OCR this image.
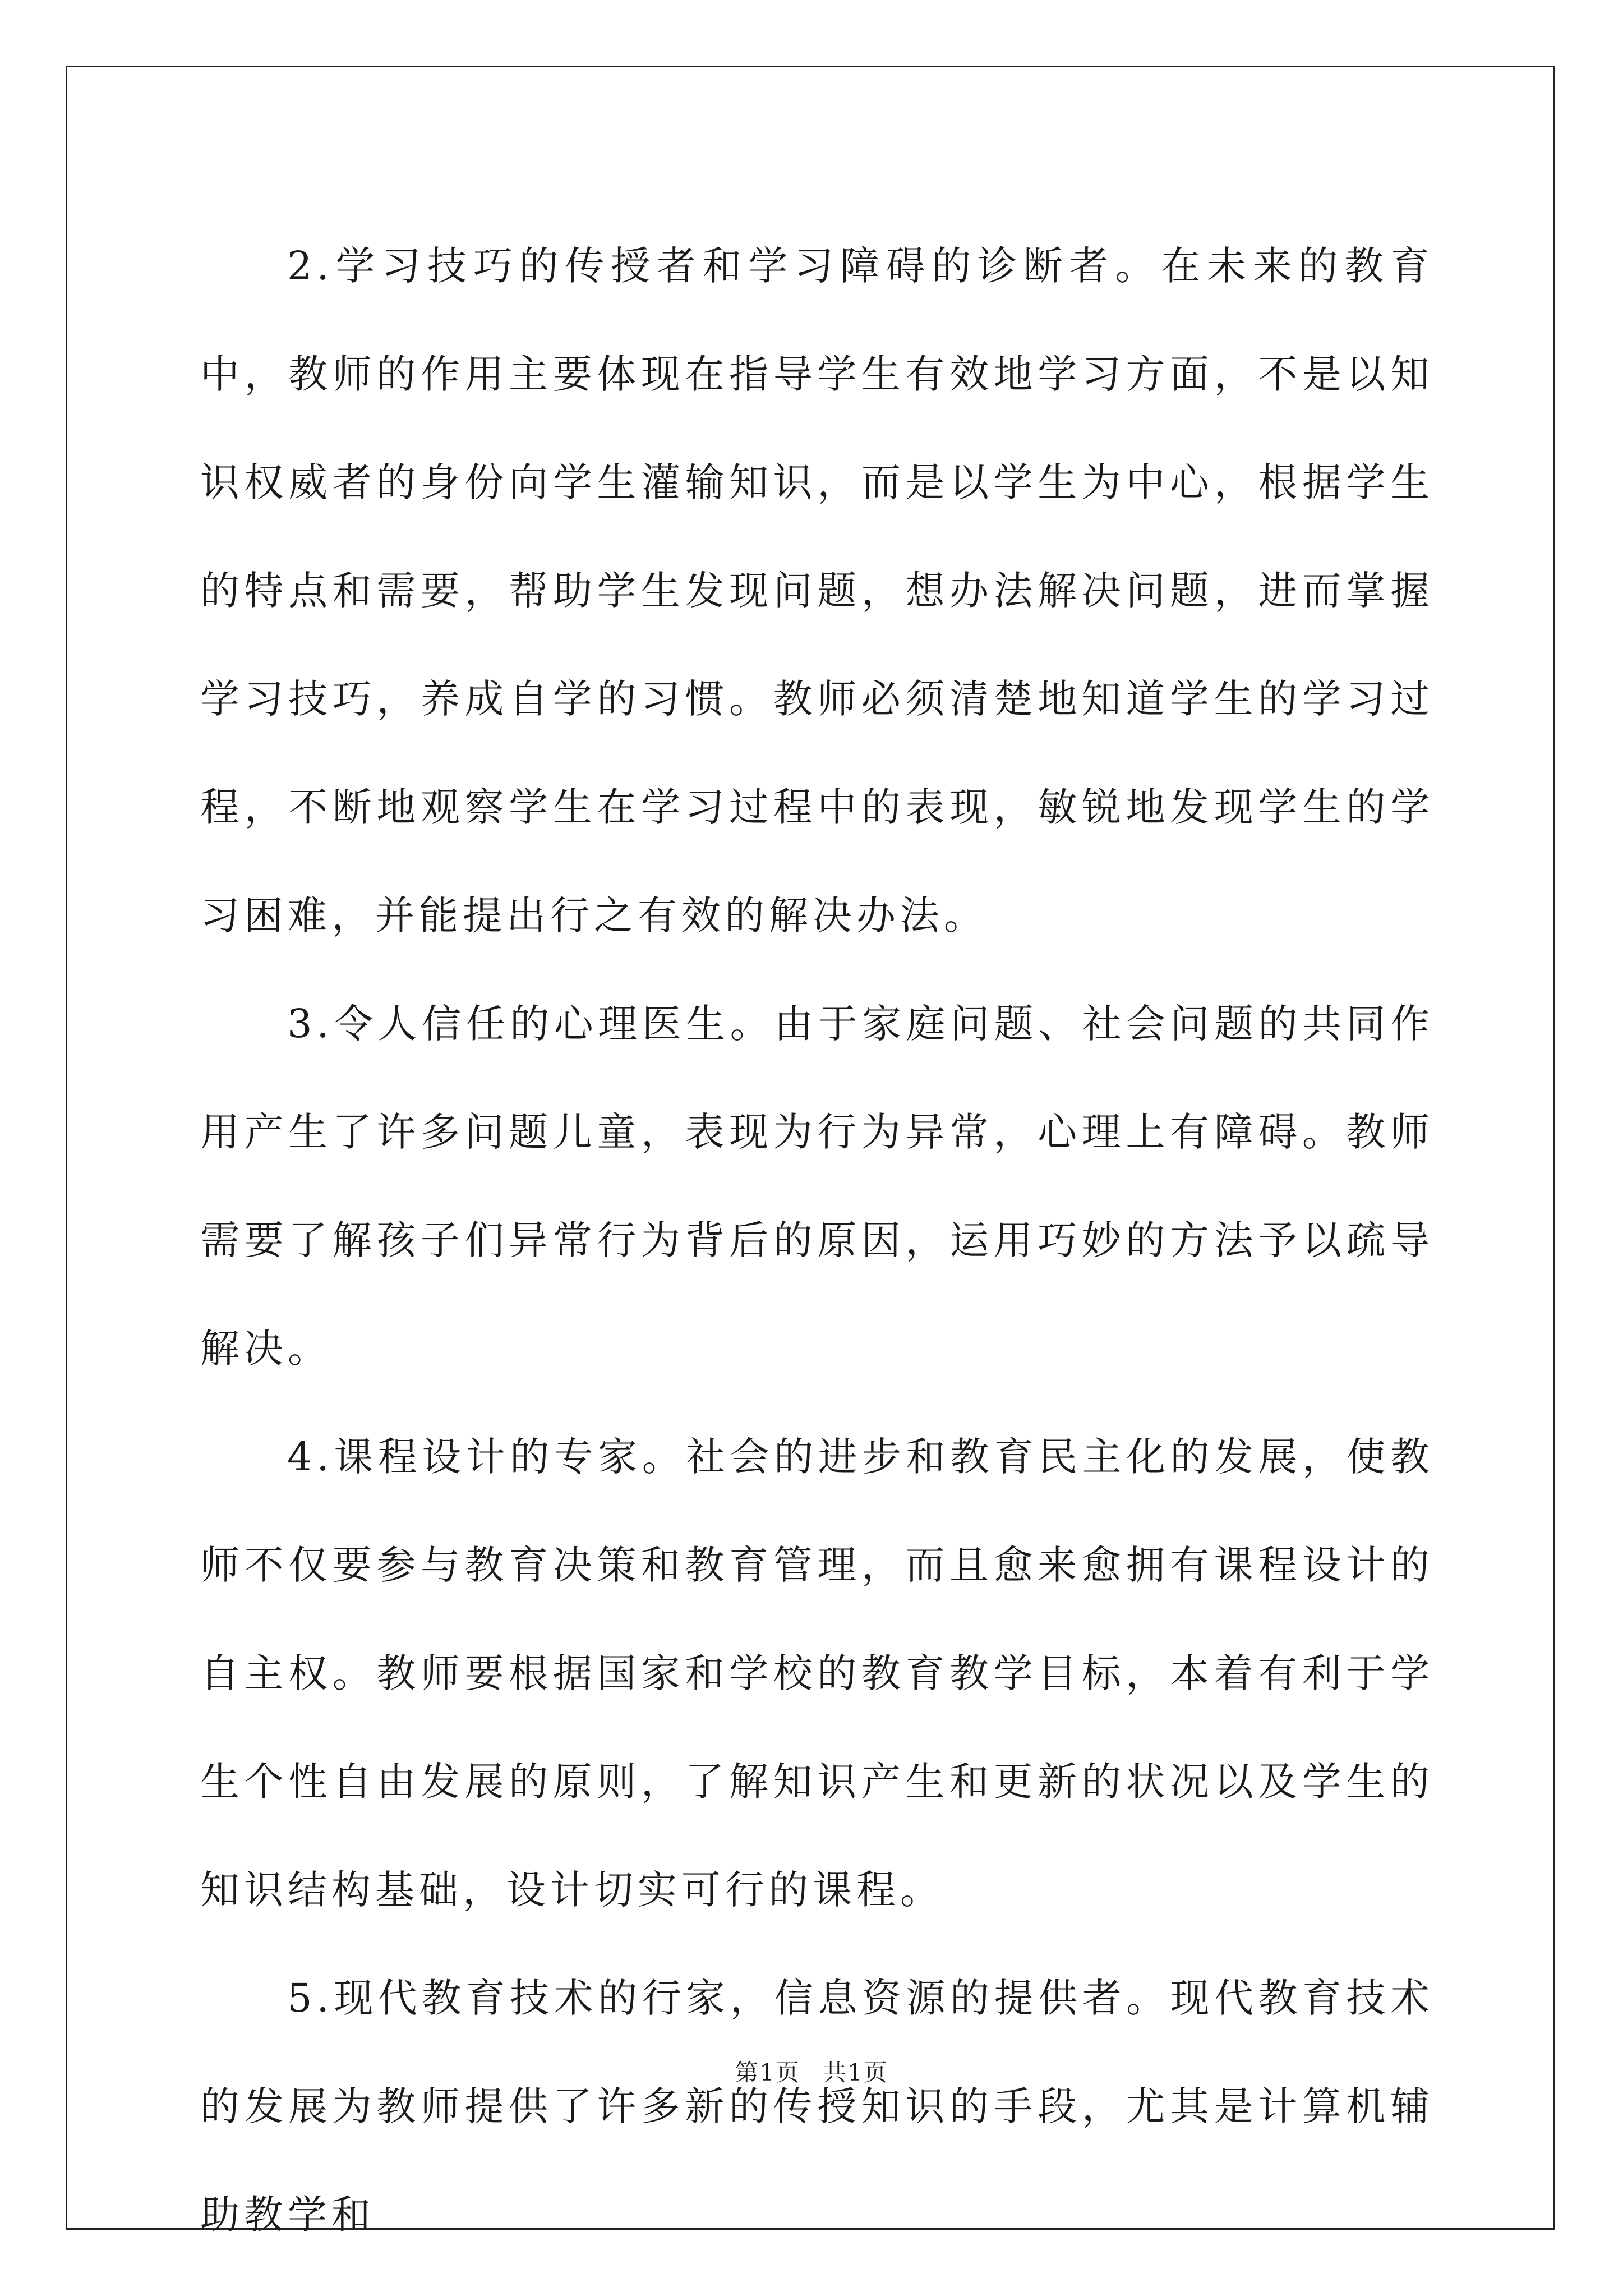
2.学习技巧的传授者和学习障碍的诊断者。在未来的教育中，教师的作用主要体现在指导学生有效地学习方面，不是以知识权威者的身份向学生灌输知识，而是以学生为中心，根据学生的特点和需要，帮助学生发现问题，想办法解决问题，进而掌握学习技巧，养成自学的习惯。教师必须清楚地知道学生的学习过程，不断地观察学生在学习过程中的表现，敏锐地发现学生的学习困难，并能提出行之有效的解决办法。

3.令人信任的心理医生。由于家庭问题、社会问题的共同作用产生了许多问题儿童，表现为行为异常，心理上有障碍。教师需要了解孩子们异常行为背后的原因，运用巧妙的方法予以疏导解决。

4.课程设计的专家。社会的进步和教育民主化的发展，使教师不仅要参与教育决策和教育管理，而且愈来愈拥有课程设计的自主权。教师要根据国家和学校的教育教学目标，本着有利于学生个性自由发展的原则，了解知识产生和更新的状况以及学生的知识结构基础，设计切实可行的课程。

5.现代教育技术的行家，信息资源的提供者。现代教育技术的发展为教师提供了许多新的传授知识的手段，尤其是计算机辅助教学和

第1页 共1页
